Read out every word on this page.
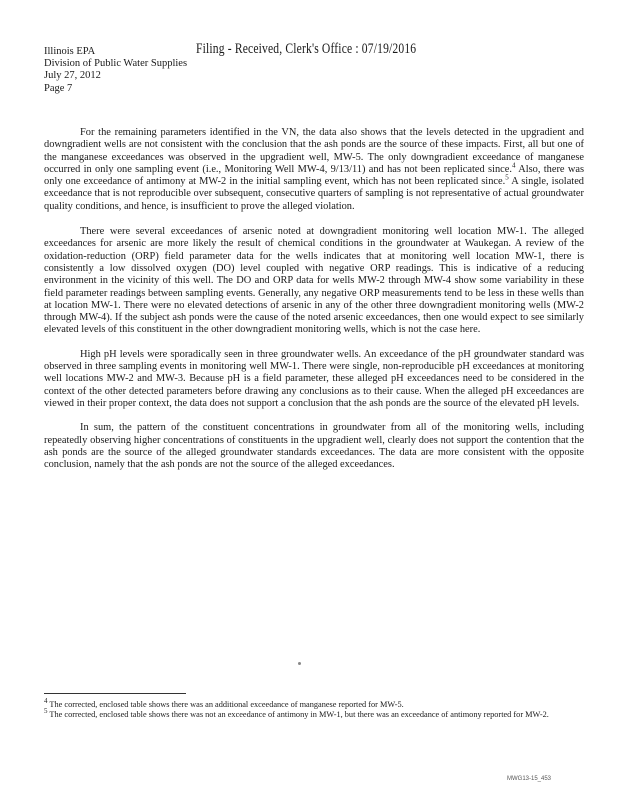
Illinois EPA
Division of Public Water Supplies
July 27, 2012
Page 7
Filing - Received, Clerk's Office : 07/19/2016

For the remaining parameters identified in the VN, the data also shows that the levels detected in the upgradient and downgradient wells are not consistent with the conclusion that the ash ponds are the source of these impacts. First, all but one of the manganese exceedances was observed in the upgradient well, MW-5. The only downgradient exceedance of manganese occurred in only one sampling event (i.e., Monitoring Well MW-4, 9/13/11) and has not been replicated since.$^4$ Also, there was only one exceedance of antimony at MW-2 in the initial sampling event, which has not been replicated since.$^5$ A single, isolated exceedance that is not reproducible over subsequent, consecutive quarters of sampling is not representative of actual groundwater quality conditions, and hence, is insufficient to prove the alleged violation.

There were several exceedances of arsenic noted at downgradient monitoring well location MW-1. The alleged exceedances for arsenic are more likely the result of chemical conditions in the groundwater at Waukegan. A review of the oxidation-reduction (ORP) field parameter data for the wells indicates that at monitoring well location MW-1, there is consistently a low dissolved oxygen (DO) level coupled with negative ORP readings. This is indicative of a reducing environment in the vicinity of this well. The DO and ORP data for wells MW-2 through MW-4 show some variability in these field parameter readings between sampling events. Generally, any negative ORP measurements tend to be less in these wells than at location MW-1. There were no elevated detections of arsenic in any of the other three downgradient monitoring wells (MW-2 through MW-4). If the subject ash ponds were the cause of the noted arsenic exceedances, then one would expect to see similarly elevated levels of this constituent in the other downgradient monitoring wells, which is not the case here.

High pH levels were sporadically seen in three groundwater wells. An exceedance of the pH groundwater standard was observed in three sampling events in monitoring well MW-1. There were single, non-reproducible pH exceedances at monitoring well locations MW-2 and MW-3. Because pH is a field parameter, these alleged pH exceedances need to be considered in the context of the other detected parameters before drawing any conclusions as to their cause. When the alleged pH exceedances are viewed in their proper context, the data does not support a conclusion that the ash ponds are the source of the elevated pH levels.

In sum, the pattern of the constituent concentrations in groundwater from all of the monitoring wells, including repeatedly observing higher concentrations of constituents in the upgradient well, clearly does not support the contention that the ash ponds are the source of the alleged groundwater standards exceedances. The data are more consistent with the opposite conclusion, namely that the ash ponds are not the source of the alleged exceedances.

$^4$ The corrected, enclosed table shows there was an additional exceedance of manganese reported for MW-5.
$^5$ The corrected, enclosed table shows there was not an exceedance of antimony in MW-1, but there was an exceedance of antimony reported for MW-2.
MWG13-15_453
